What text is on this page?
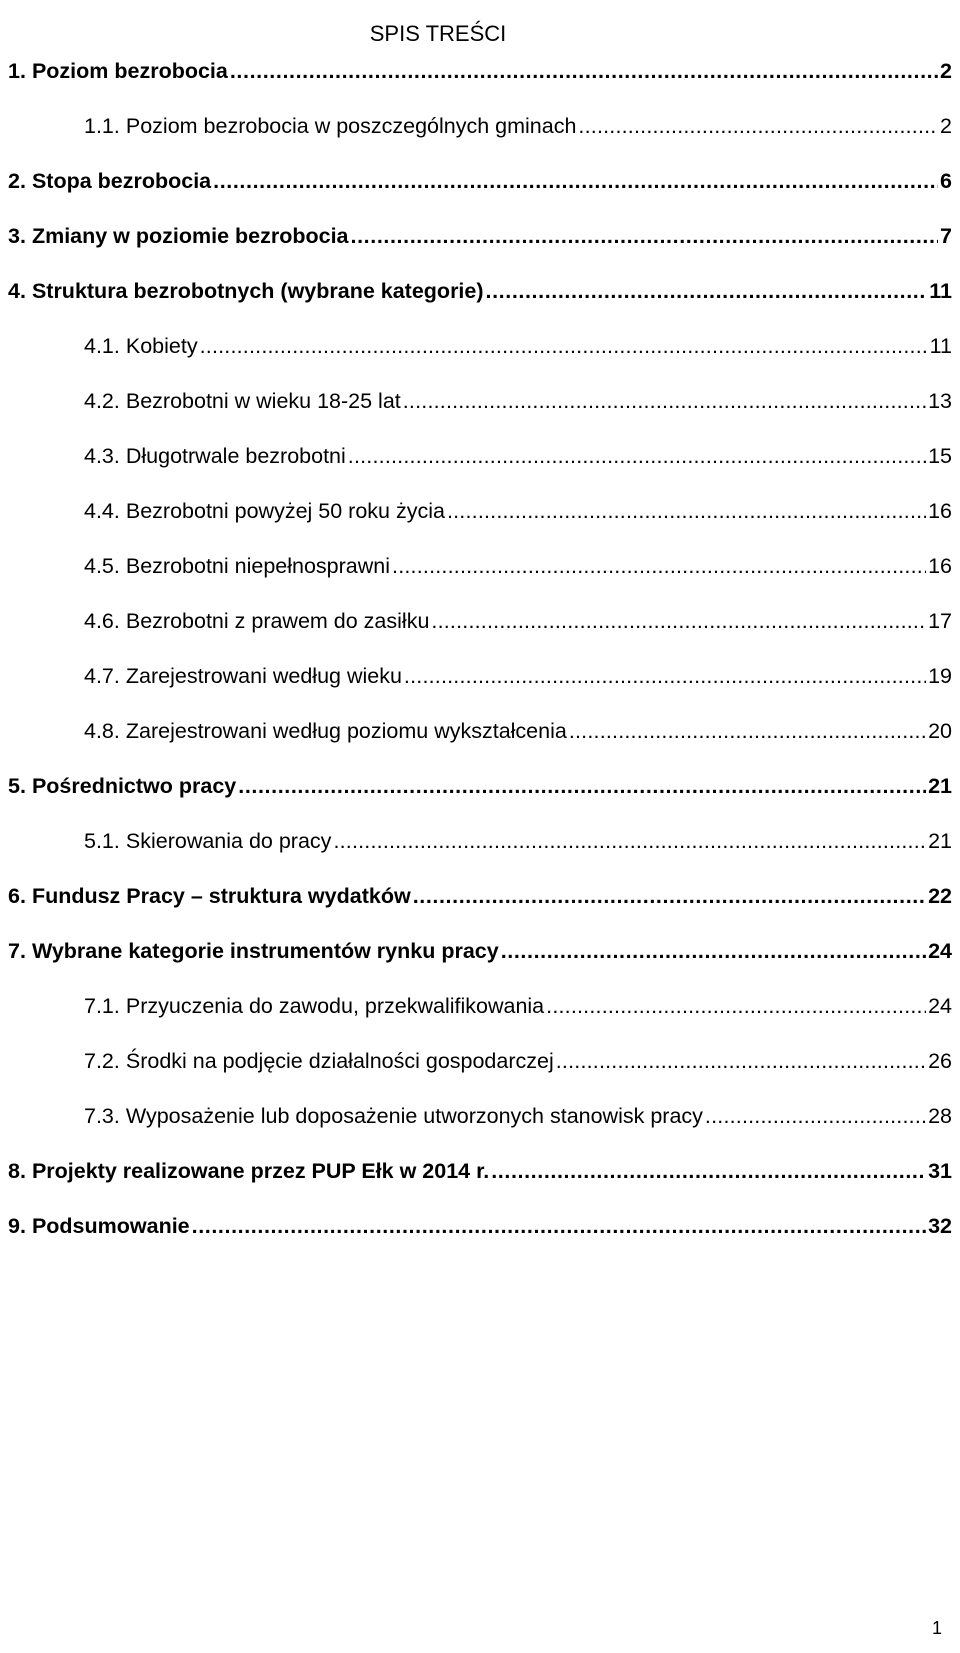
SPIS TREŚCI
1. Poziom bezrobocia .....	2
1.1. Poziom bezrobocia w poszczególnych gminach .....	2
2. Stopa bezrobocia .....	6
3. Zmiany w poziomie bezrobocia .....	7
4. Struktura bezrobotnych (wybrane kategorie) .....	11
4.1. Kobiety .....	11
4.2. Bezrobotni w wieku 18-25 lat .....	13
4.3. Długotrwale bezrobotni .....	15
4.4. Bezrobotni powyżej 50 roku życia .....	16
4.5. Bezrobotni niepełnosprawni .....	16
4.6. Bezrobotni z prawem do zasiłku .....	17
4.7. Zarejestrowani według wieku .....	19
4.8. Zarejestrowani według poziomu wykształcenia .....	20
5. Pośrednictwo pracy .....	21
5.1. Skierowania do pracy .....	21
6. Fundusz Pracy – struktura wydatków .....	22
7. Wybrane kategorie instrumentów rynku pracy .....	24
7.1. Przyuczenia do zawodu, przekwalifikowania .....	24
7.2. Środki na podjęcie działalności gospodarczej .....	26
7.3. Wyposażenie lub doposażenie utworzonych stanowisk pracy .....	28
8. Projekty realizowane przez PUP Ełk w 2014 r. .....	31
9. Podsumowanie .....	32
1
